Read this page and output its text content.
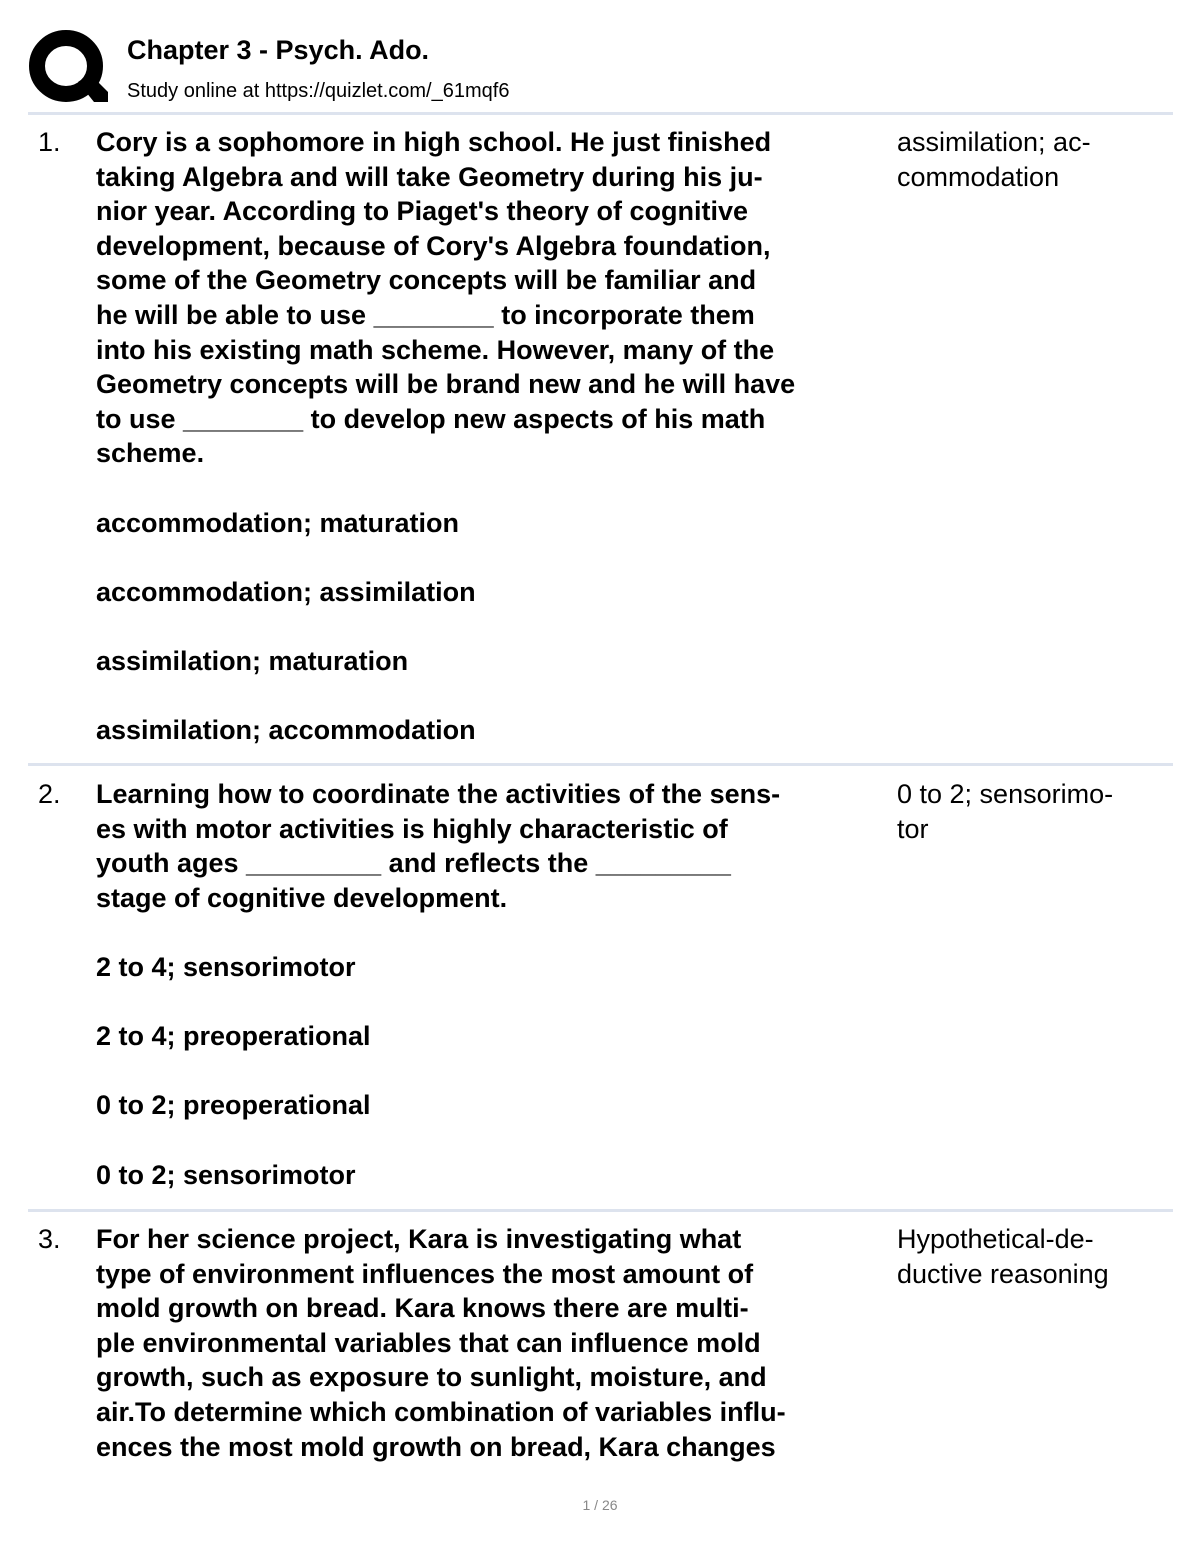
Chapter 3 - Psych. Ado.
Study online at https://quizlet.com/_61mqf6
1. Cory is a sophomore in high school. He just finished
taking Algebra and will take Geometry during his ju-
nior year. According to Piaget's theory of cognitive
development, because of Cory's Algebra foundation,
some of the Geometry concepts will be familiar and
he will be able to use ________ to incorporate them
into his existing math scheme. However, many of the
Geometry concepts will be brand new and he will have
to use ________ to develop new aspects of his math
scheme.
accommodation; maturation
accommodation; assimilation
assimilation; maturation
assimilation; accommodation
assimilation; ac-
commodation
2. Learning how to coordinate the activities of the sens-
es with motor activities is highly characteristic of
youth ages _________ and reflects the _________
stage of cognitive development.
2 to 4; sensorimotor
2 to 4; preoperational
0 to 2; preoperational
0 to 2; sensorimotor
0 to 2; sensorimo-
tor
3. For her science project, Kara is investigating what
type of environment influences the most amount of
mold growth on bread. Kara knows there are multi-
ple environmental variables that can influence mold
growth, such as exposure to sunlight, moisture, and
air.To determine which combination of variables influ-
ences the most mold growth on bread, Kara changes
Hypothetical-de-
ductive reasoning
1 / 26
